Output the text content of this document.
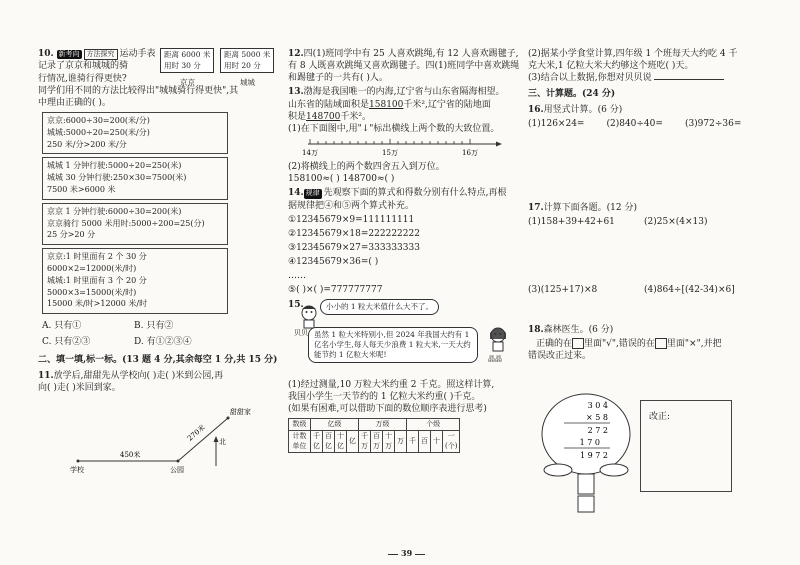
10. 新考向 方法探究 运动手表
记录了京京和城城的骑
行情况,谁骑行得更快?
同学们用不同的方法比较得出"城城骑行得更快",其
中理由正确的( )。
京京:6000÷30=200(米/分)
城城:5000÷20=250(米/分)
250 米/分>200 米/分
城城 1 分钟行驶:5000÷20=250(米)
城城 30 分钟行驶:250×30=7500(米)
7500 米>6000 米
京京 1 分钟行驶:6000÷30=200(米)
京京骑行 5000 米用时:5000÷200=25(分)
25 分>20 分
京京:1 时里面有 2 个 30 分
6000×2=12000(米/时)
城城:1 时里面有 3 个 20 分
5000×3=15000(米/时)
15000 米/时>12000 米/时
A. 只有①	B. 只有②
C. 只有②③	D. 有①②③④
二、填一填,标一标。(13 题 4 分,其余每空 1 分,共 15 分)
11.放学后,甜甜先从学校向( )走( )米到公园,再
向( )走( )米回到家。
北
甜甜家
学校	公园
450米
270米
距离 6000 米
用时 30 分
京京
距离 5000 米
用时 20 分
城城
12.四(1)班同学中有 25 人喜欢跳绳,有 12 人喜欢踢毽子,有 8 人既喜欢跳绳又喜欢踢毽子。四(1)班同学中喜欢跳绳和踢毽子的一共有( )人。
13.渤海是我国唯一的内海,辽宁省与山东省隔海相望。
山东省的陆域面积是158100千米²,辽宁省的陆地面
积是148700千米²。
(1)在下面图中,用"↓"标出横线上两个数的大致位置。
14万	15万	16万
(2)将横线上的两个数四舍五入到万位。
158100≈( ) 148700≈( )
14. 规律 先观察下面的算式和得数分别有什么特点,再根
据规律把④和⑤两个算式补充。
①12345679×9=111111111
②12345679×18=222222222
③12345679×27=333333333
④12345679×36=( )
……
⑤( )×( )=777777777
15.	小小的 1 粒大米值什么大不了。
贝贝 虽然 1 粒大米特别小,但 2024 年我国大约有 1 亿名小学生,每人每天少浪费 1 粒大米,一天大约能节约 1 亿粒大米呢!	晶晶
(1)经过测量,10 万粒大米约重 2 千克。照这样计算,
我国小学生一天节约的 1 亿粒大米约重( )千克。
(如果有困难,可以借助下面的数位顺序表进行思考)
数级	亿级				万级				个级			
计数单位	千亿	百亿	十亿	亿	千万	百万	十万	万	千	百	十	一(个)
(2)据某小学食堂计算,四年级 1 个班每天大约吃 4 千
克大米,1 亿粒大米大约够这个班吃( )天。
(3)结合以上数据,你想对贝贝说
三、计算题。(24 分)
16.用竖式计算。(6 分)
(1)126×24= (2)840÷40= (3)972÷36=
17.计算下面各题。(12 分)
(1)158+39+42+61	(2)25×(4×13)
(3)(125+17)×8	(4)864÷[(42-34)×6]
18.森林医生。(6 分)
正确的在 里面"√",错误的在☒里面"×",并把
错误改正过来。
3 0 4
× 5 8
2 7 2
1 7 0
1 9 7 2
改正:
39
